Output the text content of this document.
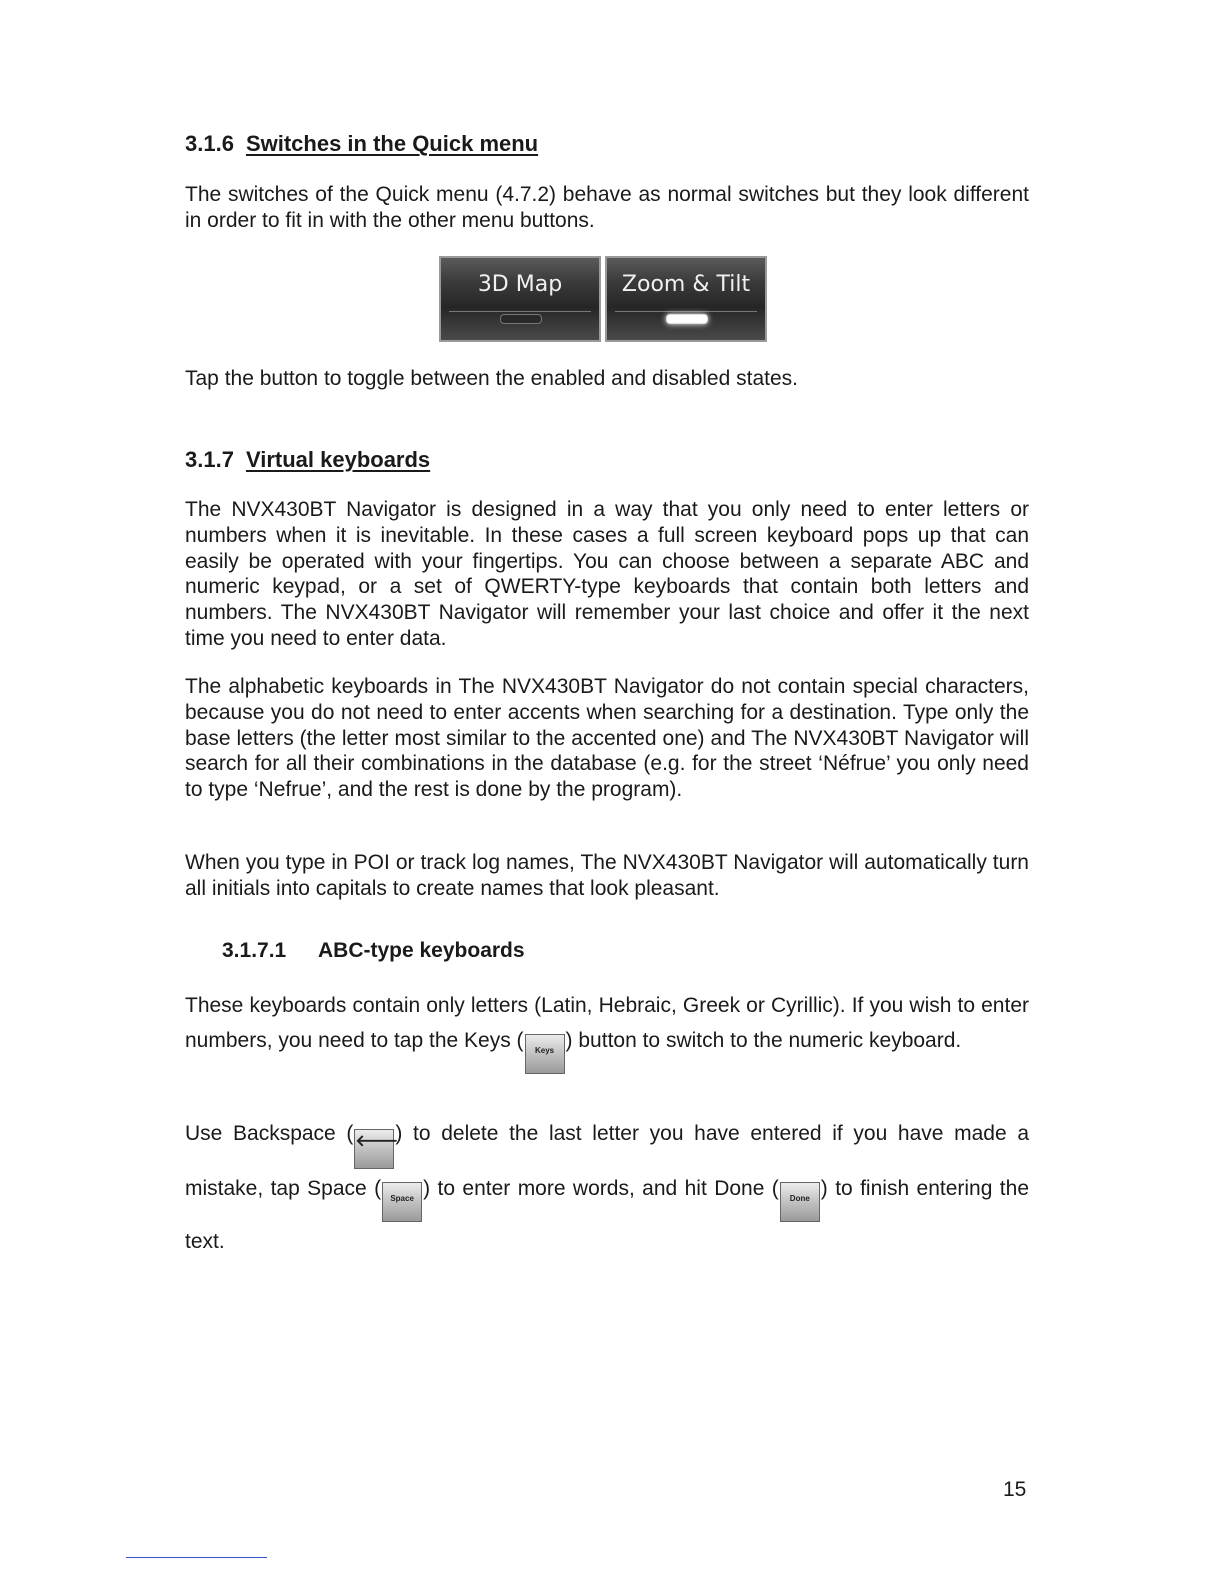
3.1.6 Switches in the Quick menu

The switches of the Quick menu (4.7.2) behave as normal switches but they look different in order to fit in with the other menu buttons.

3D Map	Zoom & Tilt

Tap the button to toggle between the enabled and disabled states.

3.1.7 Virtual keyboards

The NVX430BT Navigator is designed in a way that you only need to enter letters or numbers when it is inevitable. In these cases a full screen keyboard pops up that can easily be operated with your fingertips. You can choose between a separate ABC and numeric keypad, or a set of QWERTY-type keyboards that contain both letters and numbers. The NVX430BT Navigator will remember your last choice and offer it the next time you need to enter data.

The alphabetic keyboards in The NVX430BT Navigator do not contain special characters, because you do not need to enter accents when searching for a destination. Type only the base letters (the letter most similar to the accented one) and The NVX430BT Navigator will search for all their combinations in the database (e.g. for the street ‘Néfrue’ you only need to type ‘Nefrue’, and the rest is done by the program).

When you type in POI or track log names, The NVX430BT Navigator will automatically turn all initials into capitals to create names that look pleasant.

3.1.7.1 ABC-type keyboards

These keyboards contain only letters (Latin, Hebraic, Greek or Cyrillic). If you wish to enter numbers, you need to tap the Keys ( Keys ) button to switch to the numeric keyboard.

Use Backspace ( 🡐) to delete the last letter you have entered if you have made a mistake, tap Space ( Space ) to enter more words, and hit Done ( Done ) to finish entering the text.

15
